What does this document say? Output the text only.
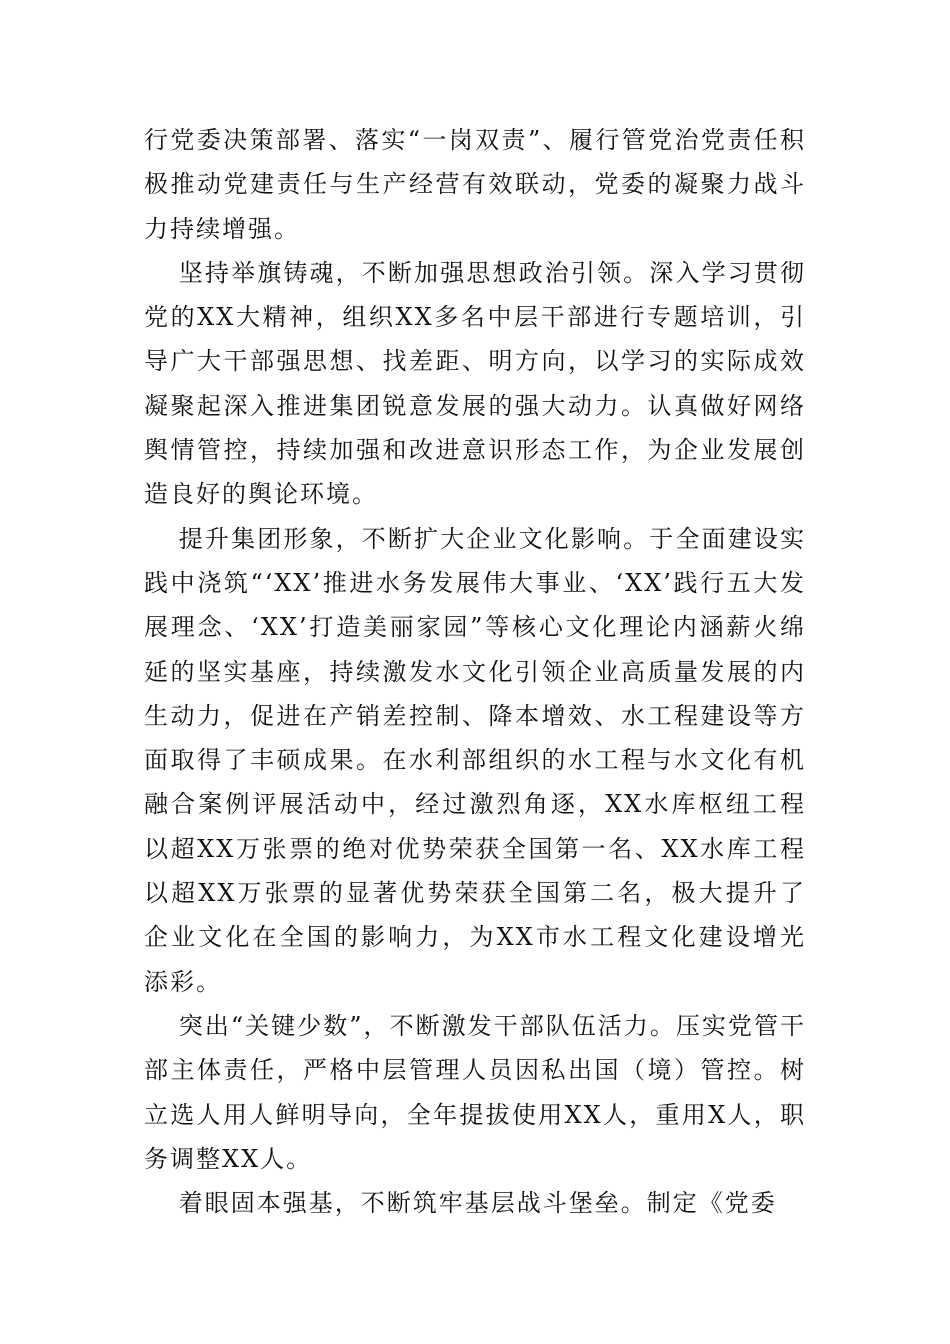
行党委决策部署、落实“一岗双责”、履行管党治党责任积极推动党建责任与生产经营有效联动，党委的凝聚力战斗力持续增强。

坚持举旗铸魂，不断加强思想政治引领。深入学习贯彻党的XX大精神，组织XX多名中层干部进行专题培训，引导广大干部强思想、找差距、明方向，以学习的实际成效凝聚起深入推进集团锐意发展的强大动力。认真做好网络舆情管控，持续加强和改进意识形态工作，为企业发展创造良好的舆论环境。

提升集团形象，不断扩大企业文化影响。于全面建设实践中浇筑“‘XX’推进水务发展伟大事业、‘XX’践行五大发展理念、‘XX’打造美丽家园”等核心文化理论内涵薪火绵延的坚实基座，持续激发水文化引领企业高质量发展的内生动力，促进在产销差控制、降本增效、水工程建设等方面取得了丰硕成果。在水利部组织的水工程与水文化有机融合案例评展活动中，经过激烈角逐，XX水库枢纽工程以超XX万张票的绝对优势荣获全国第一名、XX水库工程以超XX万张票的显著优势荣获全国第二名，极大提升了企业文化在全国的影响力，为XX市水工程文化建设增光添彩。

突出“关键少数”，不断激发干部队伍活力。压实党管干部主体责任，严格中层管理人员因私出国（境）管控。树立选人用人鲜明导向，全年提拔使用XX人，重用X人，职务调整XX人。

着眼固本强基，不断筑牢基层战斗堡垒。制定《党委
